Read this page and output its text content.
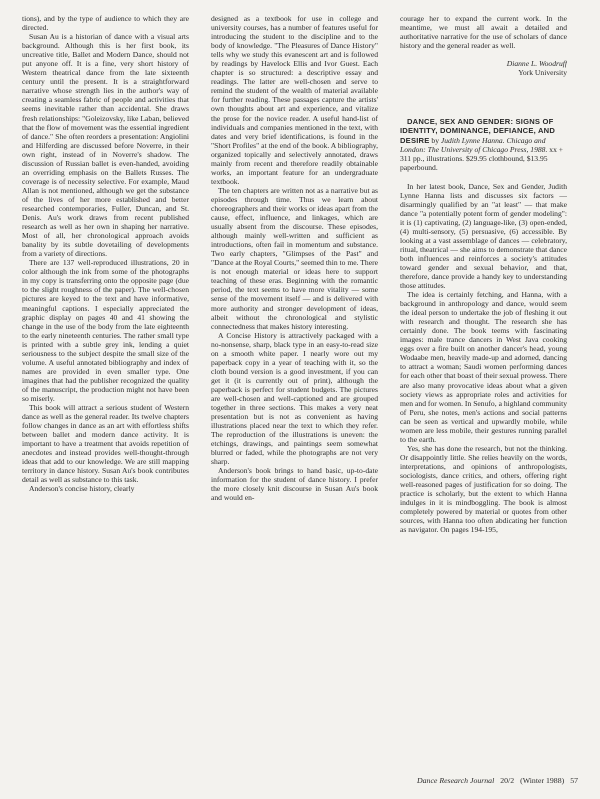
tions), and by the type of audience to which they are directed.

Susan Au is a historian of dance with a visual arts background. Although this is her first book, its uncreative title, Ballet and Modern Dance, should not put anyone off. It is a fine, very short history of Western theatrical dance from the late sixteenth century until the present. It is a straightforward narrative whose strength lies in the author's way of creating a seamless fabric of people and activities that seems inevitable rather than accidental. She draws fresh relationships: "Goleizovsky, like Laban, believed that the flow of movement was the essential ingredient of dance." She often reorders a presentation: Angiolini and Hilferding are discussed before Noverre, in their own right, instead of in Noverre's shadow. The discussion of Russian ballet is even-handed, avoiding an overriding emphasis on the Ballets Russes. The coverage is of necessity selective. For example, Maud Allan is not mentioned, although we get the substance of the lives of her more established and better researched contemporaries, Fuller, Duncan, and St. Denis. Au's work draws from recent published research as well as her own in shaping her narrative. Most of all, her chronological approach avoids banality by its subtle dovetailing of developments from a variety of directions.

There are 137 well-reproduced illustrations, 20 in color although the ink from some of the photographs in my copy is transferring onto the opposite page (due to the slight roughness of the paper). The well-chosen pictures are keyed to the text and have informative, meaningful captions. I especially appreciated the graphic display on pages 40 and 41 showing the change in the use of the body from the late eighteenth to the early nineteenth centuries. The rather small type is printed with a subtle grey ink, lending a quiet seriousness to the subject despite the small size of the volume. A useful annotated bibliography and index of names are provided in even smaller type. One imagines that had the publisher recognized the quality of the manuscript, the production might not have been so miserly.

This book will attract a serious student of Western dance as well as the general reader. Its twelve chapters follow changes in dance as an art with effortless shifts between ballet and modern dance activity. It is important to have a treatment that avoids repetition of anecdotes and instead provides well-thought-through ideas that add to our knowledge. We are still mapping territory in dance history. Susan Au's book contributes detail as well as substance to this task.

Anderson's concise history, clearly

designed as a textbook for use in college and university courses, has a number of features useful for introducing the student to the discipline and to the body of knowledge. "The Pleasures of Dance History" tells why we study this evanescent art and is followed by readings by Havelock Ellis and Ivor Guest. Each chapter is so structured: a descriptive essay and readings. The latter are well-chosen and serve to remind the student of the wealth of material available for further reading. These passages capture the artists' own thoughts about art and experience, and vitalize the prose for the novice reader. A useful hand-list of individuals and companies mentioned in the text, with dates and very brief identifications, is found in the "Short Profiles" at the end of the book. A bibliography, organized topically and selectively annotated, draws mainly from recent and therefore readily obtainable works, an important feature for an undergraduate textbook.

The ten chapters are written not as a narrative but as episodes through time. Thus we learn about choreographers and their works or ideas apart from the cause, effect, influence, and linkages, which are usually absent from the discourse. These episodes, although mainly well-written and sufficient as introductions, often fail in momentum and substance. Two early chapters, "Glimpses of the Past" and "Dance at the Royal Courts," seemed thin to me. There is not enough material or ideas here to support teaching of these eras. Beginning with the romantic period, the text seems to have more vitality — some sense of the movement itself — and is delivered with more authority and stronger development of ideas, albeit without the chronological and stylistic connectedness that makes history interesting.

A Concise History is attractively packaged with a no-nonsense, sharp, black type in an easy-to-read size on a smooth white paper. I nearly wore out my paperback copy in a year of teaching with it, so the cloth bound version is a good investment, if you can get it (it is currently out of print), although the paperback is perfect for student budgets. The pictures are well-chosen and well-captioned and are grouped together in three sections. This makes a very neat presentation but is not as convenient as having illustrations placed near the text to which they refer. The reproduction of the illustrations is uneven: the etchings, drawings, and paintings seem somewhat blurred or faded, while the photographs are not very sharp.

Anderson's book brings to hand basic, up-to-date information for the student of dance history. I prefer the more closely knit discourse in Susan Au's book and would en-

courage her to expand the current work. In the meantime, we must all await a detailed and authoritative narrative for the use of scholars of dance history and the general reader as well.

Dianne L. Woodruff

York University

DANCE, SEX AND GENDER: SIGNS OF IDENTITY, DOMINANCE, DEFIANCE, AND DESIRE by Judith Lynne Hanna. Chicago and London: The University of Chicago Press, 1988. xx + 311 pp., illustrations. $29.95 clothbound, $13.95 paperbound.

In her latest book, Dance, Sex and Gender, Judith Lynne Hanna lists and discusses six factors — disarmingly qualified by an "at least" — that make dance "a potentially potent form of gender modeling": it is (1) captivating, (2) language-like, (3) open-ended, (4) multi-sensory, (5) persuasive, (6) accessible. By looking at a vast assemblage of dances — celebratory, ritual, theatrical — she aims to demonstrate that dance both influences and reinforces a society's attitudes toward gender and sexual behavior, and that, therefore, dance provide a handy key to understanding those attitudes.

The idea is certainly fetching, and Hanna, with a background in anthropology and dance, would seem the ideal person to undertake the job of fleshing it out with research and thought. The research she has certainly done. The book teems with fascinating images: male trance dancers in West Java cooking eggs over a fire built on another dancer's head, young Wodaabe men, heavily made-up and adorned, dancing to attract a woman; Saudi women performing dances for each other that boast of their sexual prowess. There are also many provocative ideas about what a given society views as appropriate roles and activities for men and for women. In Senufo, a highland community of Peru, she notes, men's actions and social patterns can be seen as vertical and upwardly mobile, while women are less mobile, their gestures running parallel to the earth.

Yes, she has done the research, but not the thinking. Or disappointly little. She relies heavily on the words, interpretations, and opinions of anthropologists, sociologists, dance critics, and others, offering right well-reasoned pages of justification for so doing. The practice is scholarly, but the extent to which Hanna indulges in it is mindboggling. The book is almost completely powered by material or quotes from other sources, with Hanna too often abdicating her function as navigator. On pages 194-195,

Dance Research Journal 20/2 (Winter 1988) 57
